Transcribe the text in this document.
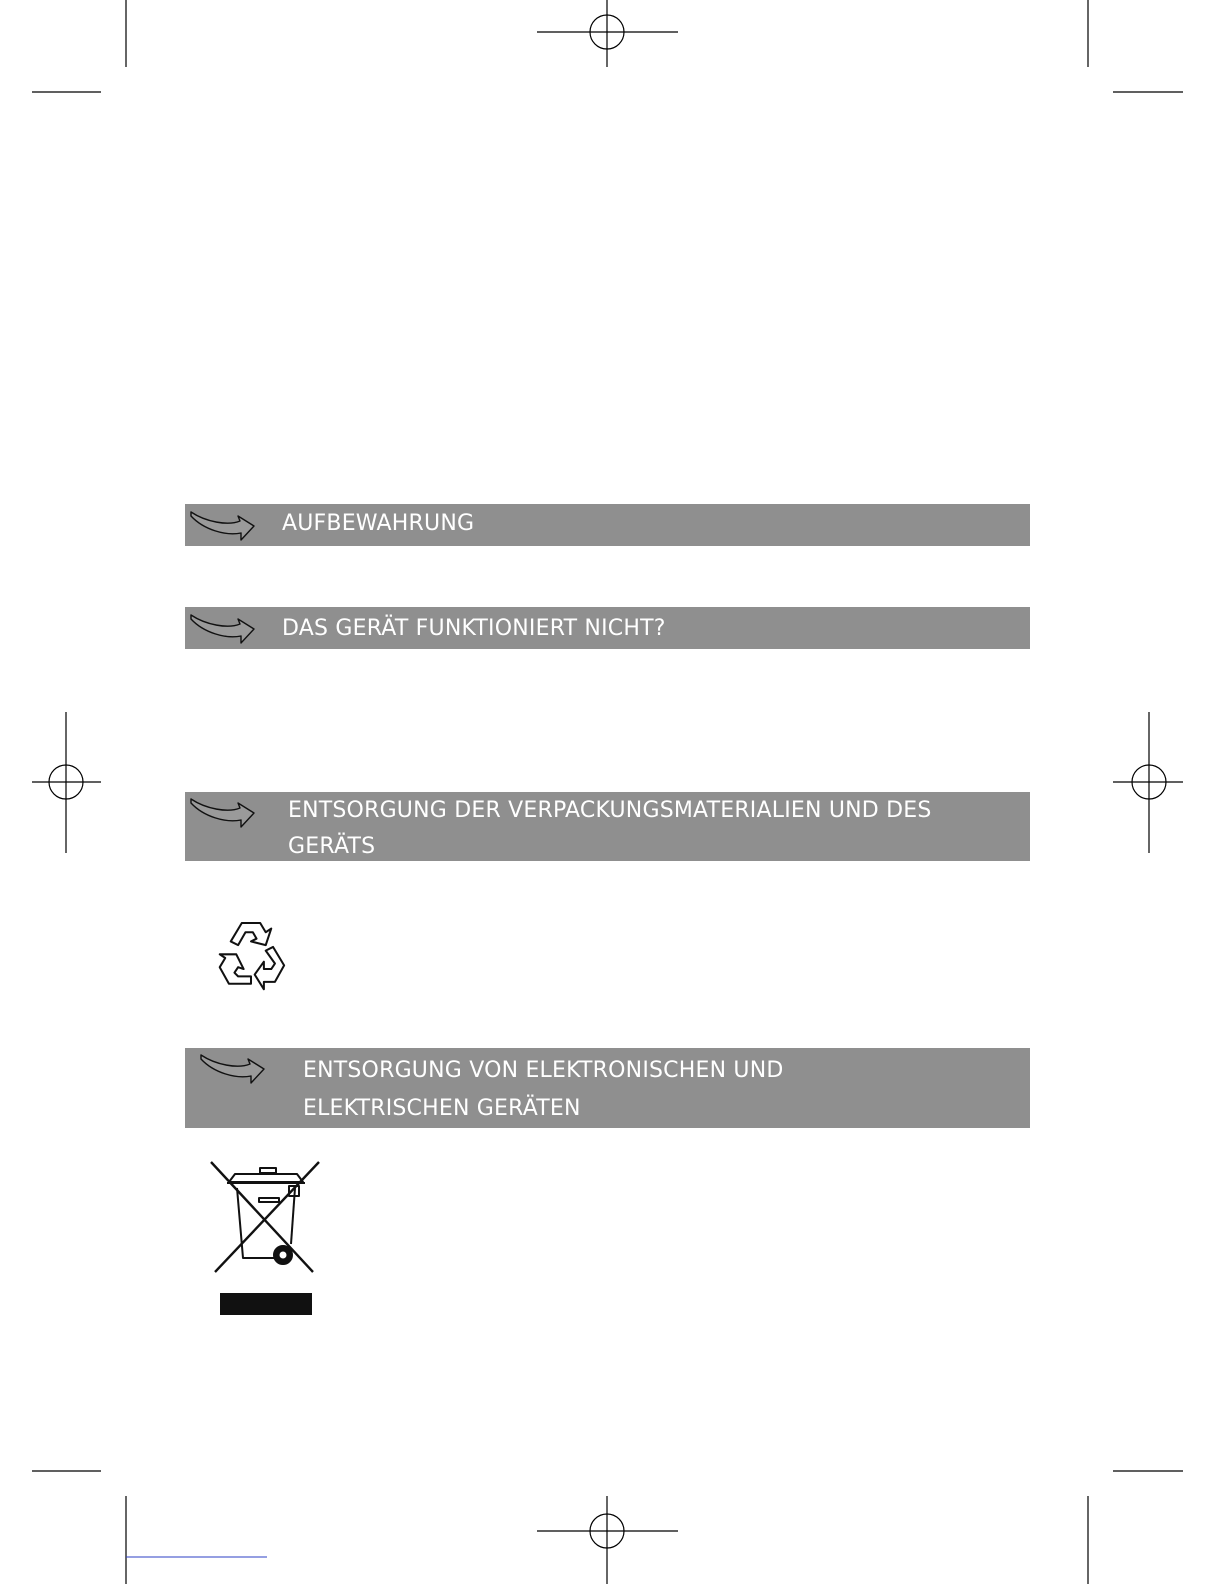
AUFBEWAHRUNG
DAS GERÄT FUNKTIONIERT NICHT?
ENTSORGUNG DER VERPACKUNGSMATERIALIEN UND DES
GERÄTS
ENTSORGUNG VON ELEKTRONISCHEN UND
ELEKTRISCHEN GERÄTEN
